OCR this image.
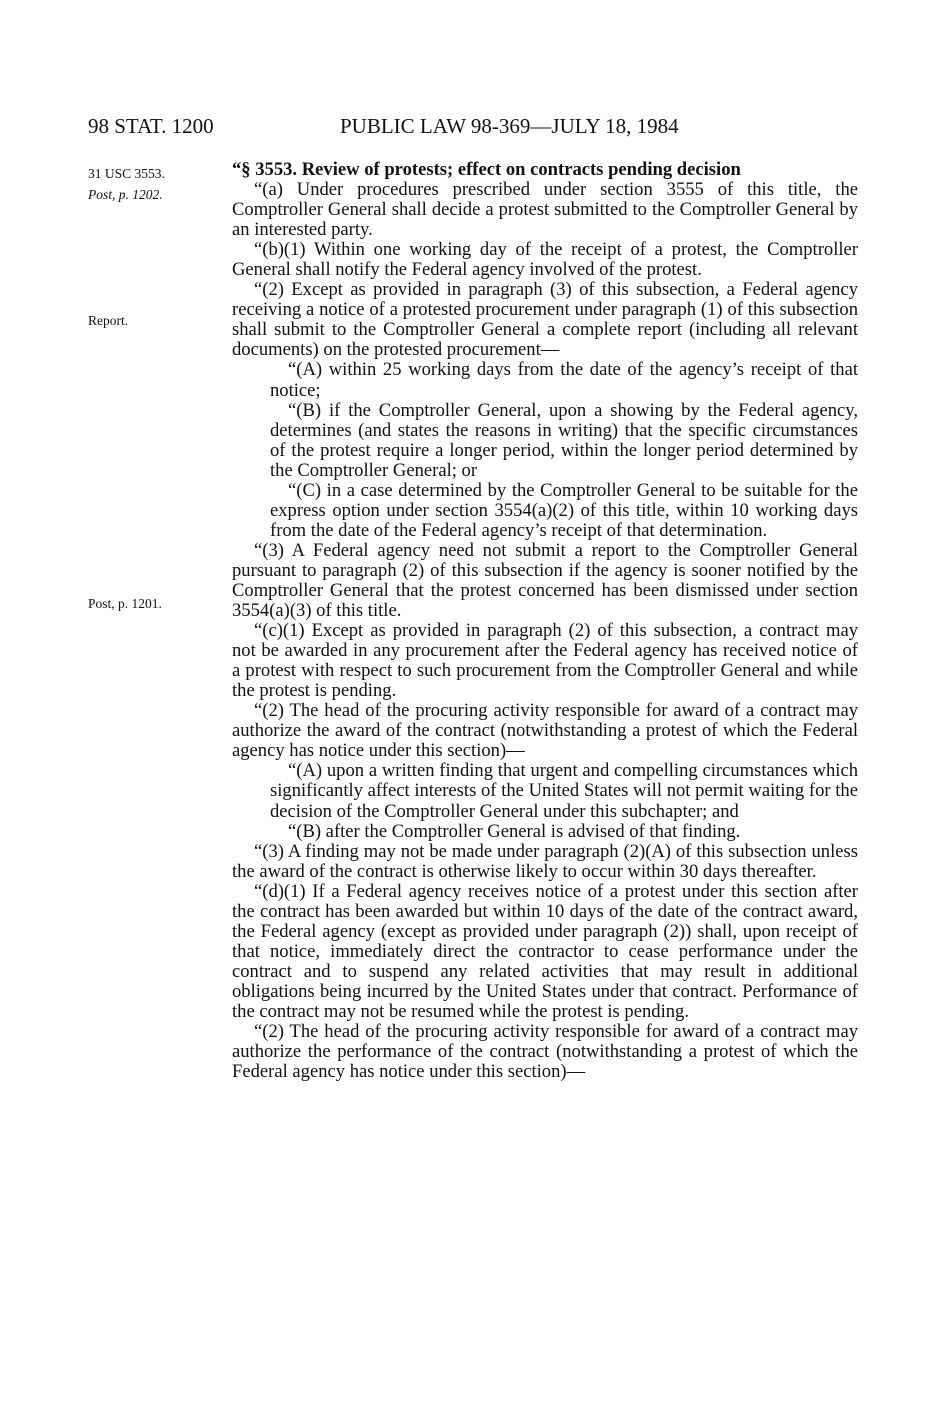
98 STAT. 1200	PUBLIC LAW 98-369—JULY 18, 1984
31 USC 3553.
Post, p. 1202.
Report.
Post, p. 1201.

“§ 3553. Review of protests; effect on contracts pending decision

“(a) Under procedures prescribed under section 3555 of this title, the Comptroller General shall decide a protest submitted to the Comptroller General by an interested party.

“(b)(1) Within one working day of the receipt of a protest, the Comptroller General shall notify the Federal agency involved of the protest.

“(2) Except as provided in paragraph (3) of this subsection, a Federal agency receiving a notice of a protested procurement under paragraph (1) of this subsection shall submit to the Comptroller General a complete report (including all relevant documents) on the protested procurement—

“(A) within 25 working days from the date of the agency’s receipt of that notice;

“(B) if the Comptroller General, upon a showing by the Federal agency, determines (and states the reasons in writing) that the specific circumstances of the protest require a longer period, within the longer period determined by the Comptroller General; or

“(C) in a case determined by the Comptroller General to be suitable for the express option under section 3554(a)(2) of this title, within 10 working days from the date of the Federal agency’s receipt of that determination.

“(3) A Federal agency need not submit a report to the Comptroller General pursuant to paragraph (2) of this subsection if the agency is sooner notified by the Comptroller General that the protest concerned has been dismissed under section 3554(a)(3) of this title.

“(c)(1) Except as provided in paragraph (2) of this subsection, a contract may not be awarded in any procurement after the Federal agency has received notice of a protest with respect to such procurement from the Comptroller General and while the protest is pending.

“(2) The head of the procuring activity responsible for award of a contract may authorize the award of the contract (notwithstanding a protest of which the Federal agency has notice under this section)—

“(A) upon a written finding that urgent and compelling circumstances which significantly affect interests of the United States will not permit waiting for the decision of the Comptroller General under this subchapter; and

“(B) after the Comptroller General is advised of that finding.

“(3) A finding may not be made under paragraph (2)(A) of this subsection unless the award of the contract is otherwise likely to occur within 30 days thereafter.

“(d)(1) If a Federal agency receives notice of a protest under this section after the contract has been awarded but within 10 days of the date of the contract award, the Federal agency (except as provided under paragraph (2)) shall, upon receipt of that notice, immediately direct the contractor to cease performance under the contract and to suspend any related activities that may result in additional obligations being incurred by the United States under that contract. Performance of the contract may not be resumed while the protest is pending.

“(2) The head of the procuring activity responsible for award of a contract may authorize the performance of the contract (notwithstanding a protest of which the Federal agency has notice under this section)—
